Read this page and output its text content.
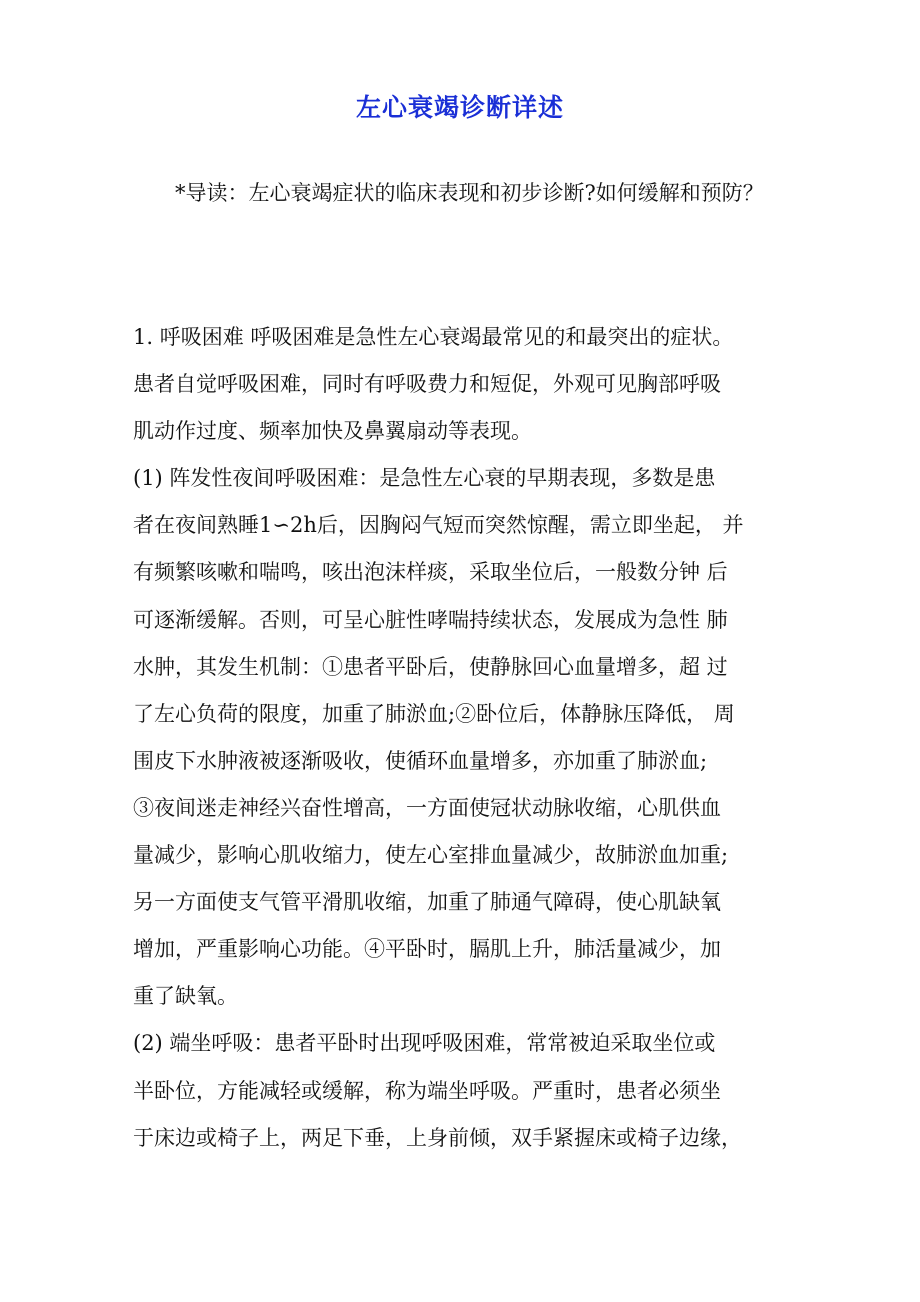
左心衰竭诊断详述
*导读：左心衰竭症状的临床表现和初步诊断?如何缓解和预防？
1. 呼吸困难 呼吸困难是急性左心衰竭最常见的和最突出的症状。
患者自觉呼吸困难，同时有呼吸费力和短促，外观可见胸部呼吸
肌动作过度、频率加快及鼻翼扇动等表现。
(1) 阵发性夜间呼吸困难：是急性左心衰的早期表现，多数是患
者在夜间熟睡1∽2h后，因胸闷气短而突然惊醒，需立即坐起， 并
有频繁咳嗽和喘鸣，咳出泡沫样痰，采取坐位后，一般数分钟 后
可逐渐缓解。否则，可呈心脏性哮喘持续状态，发展成为急性 肺
水肿，其发生机制：①患者平卧后，使静脉回心血量增多，超 过
了左心负荷的限度，加重了肺淤血;②卧位后，体静脉压降低， 周
围皮下水肿液被逐渐吸收，使循环血量增多，亦加重了肺淤血;
③夜间迷走神经兴奋性增高，一方面使冠状动脉收缩，心肌供血
量减少，影响心肌收缩力，使左心室排血量减少，故肺淤血加重;
另一方面使支气管平滑肌收缩，加重了肺通气障碍，使心肌缺氧
增加，严重影响心功能。④平卧时，膈肌上升，肺活量减少，加
重了缺氧。
(2) 端坐呼吸：患者平卧时出现呼吸困难，常常被迫采取坐位或
半卧位，方能减轻或缓解，称为端坐呼吸。严重时，患者必须坐
于床边或椅子上，两足下垂，上身前倾，双手紧握床或椅子边缘，
